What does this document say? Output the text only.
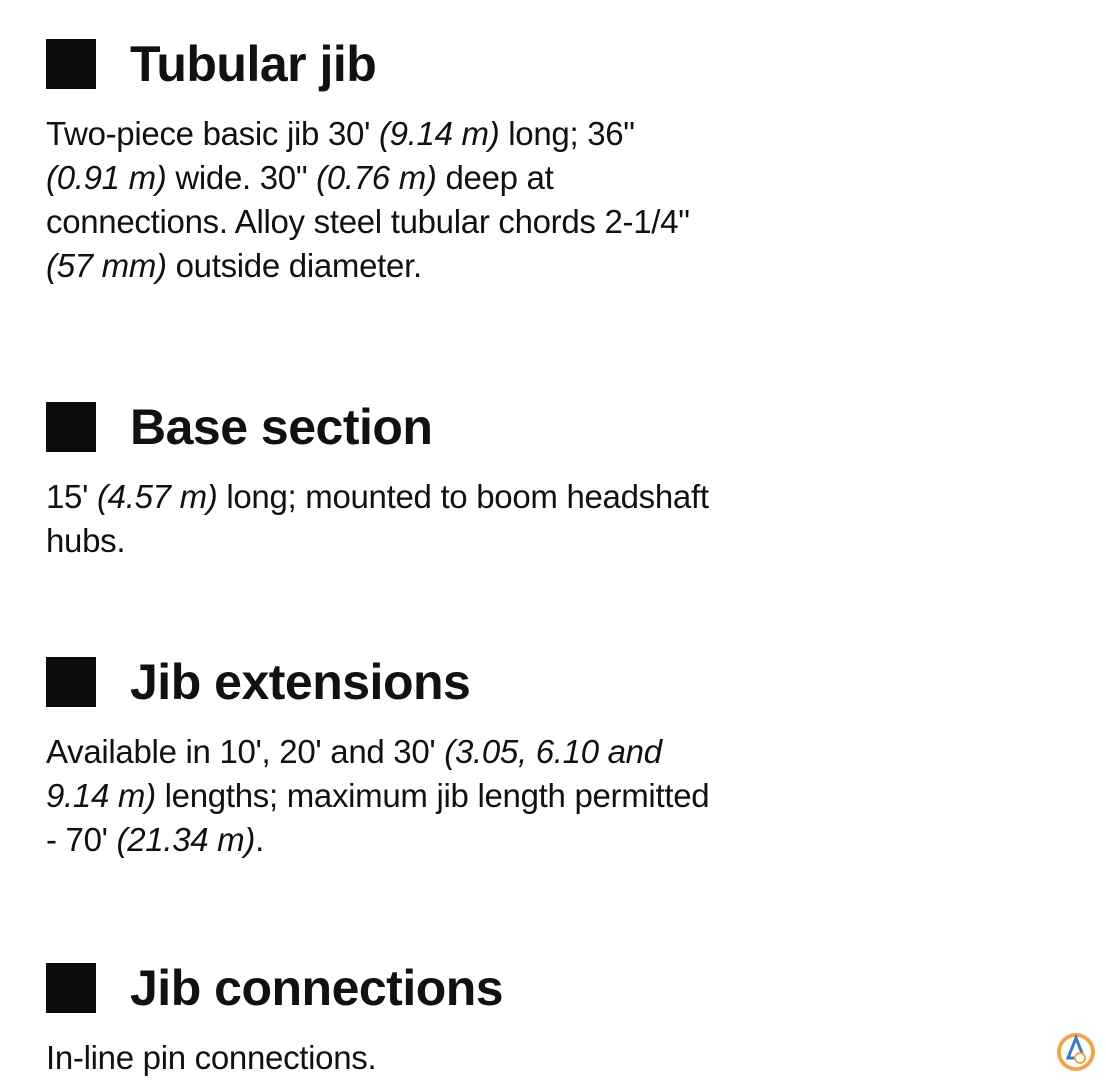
Tubular jib
Two-piece basic jib 30' (9.14 m) long; 36"
(0.91 m) wide. 30" (0.76 m) deep at
connections. Alloy steel tubular chords 2-1/4"
(57 mm) outside diameter.
Base section
15' (4.57 m) long; mounted to boom headshaft
hubs.
Jib extensions
Available in 10', 20' and 30' (3.05, 6.10 and
9.14 m) lengths; maximum jib length permitted
- 70' (21.34 m).
Jib connections
In-line pin connections.
